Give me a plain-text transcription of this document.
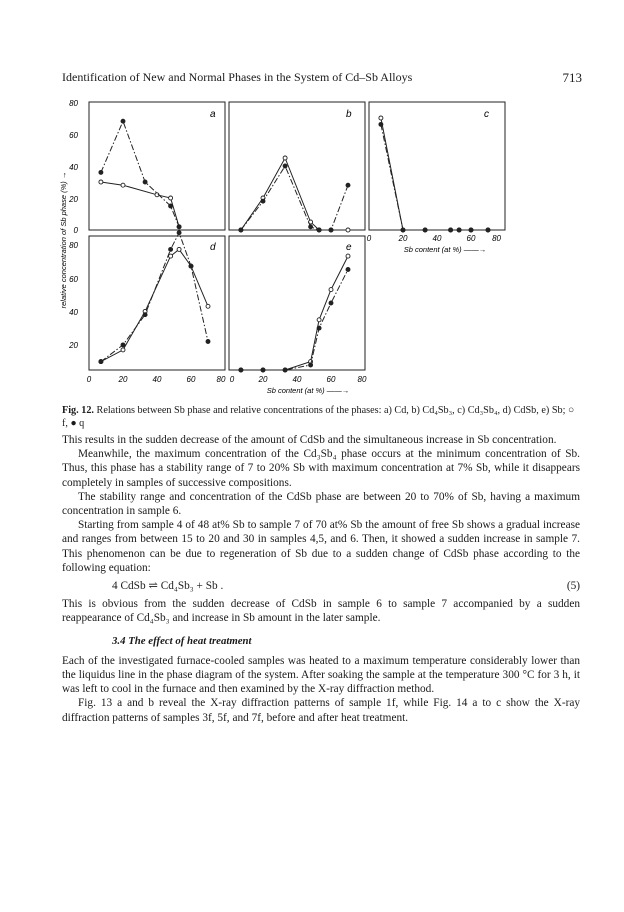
Identification of New and Normal Phases in the System of Cd–Sb Alloys	713
a	b	c
d	e
80
60
40
20
0
80
60
40
20
0	20	40	60	80 0	20	40	60	80
0	20	40	60 80
relative concentration of Sb phase (%) →
Sb content (at %) ——→
Sb content (at %) ——→
Fig. 12. Relations between Sb phase and relative concentrations of the phases: a) Cd, b) Cd₄Sb₃, c) Cd₃Sb₄, d) CdSb, e) Sb; ○ f, ● q

This results in the sudden decrease of the amount of CdSb and the simultaneous increase in Sb concentration.

Meanwhile, the maximum concentration of the Cd₃Sb₄ phase occurs at the minimum concentration of Sb. Thus, this phase has a stability range of 7 to 20% Sb with maximum concentration at 7% Sb, while it disappears completely in samples of successive compositions.

The stability range and concentration of the CdSb phase are between 20 to 70% of Sb, having a maximum concentration in sample 6.

Starting from sample 4 of 48 at% Sb to sample 7 of 70 at% Sb the amount of free Sb shows a gradual increase and ranges from between 15 to 20 and 30 in samples 4,5, and 6. Then, it showed a sudden increase in sample 7. This phenomenon can be due to regeneration of Sb due to a sudden change of CdSb phase according to the following equation:

4 CdSb ⇌ Cd₄Sb₃ + Sb .	(5)

This is obvious from the sudden decrease of CdSb in sample 6 to sample 7 accompanied by a sudden reappearance of Cd₄Sb₃ and increase in Sb amount in the later sample.

3.4 The effect of heat treatment

Each of the investigated furnace-cooled samples was heated to a maximum temperature considerably lower than the liquidus line in the phase diagram of the system. After soaking the sample at the temperature 300 °C for 3 h, it was left to cool in the furnace and then examined by the X-ray diffraction method.

Fig. 13 a and b reveal the X-ray diffraction patterns of sample 1f, while Fig. 14 a to c show the X-ray diffraction patterns of samples 3f, 5f, and 7f, before and after heat treatment.
